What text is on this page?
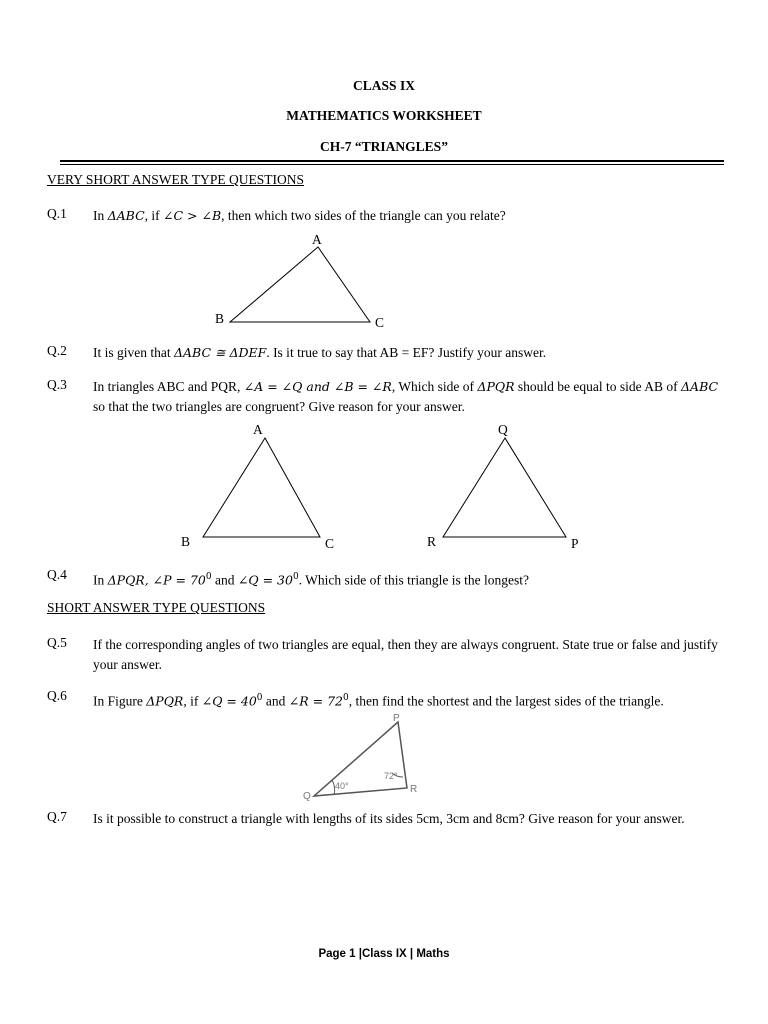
CLASS IX
MATHEMATICS WORKSHEET
CH-7 “TRIANGLES”
VERY SHORT ANSWER TYPE QUESTIONS
Q.1 In ΔABC, if ∠C > ∠B, then which two sides of the triangle can you relate?
A
B	C
A
B	C
Q
R	P
P
Q
R
40°
72°
Q.2 It is given that ΔABC ≅ ΔDEF. Is it true to say that AB = EF? Justify your answer.
Q.3 In triangles ABC and PQR, ∠A = ∠Q and ∠B = ∠R, Which side of ΔPQR should be equal to side AB of ΔABC so that the two triangles are congruent? Give reason for your answer.
Q.4 In ΔPQR, ∠P = $70^0$ and ∠Q = $30^0$. Which side of this triangle is the longest?
SHORT ANSWER TYPE QUESTIONS
Q.5 If the corresponding angles of two triangles are equal, then they are always congruent. State true or false and justify your answer.
Q.6 In Figure ΔPQR, if ∠Q = $40^0$ and ∠R = $72^0$, then find the shortest and the largest sides of the triangle.
Q.7 Is it possible to construct a triangle with lengths of its sides 5cm, 3cm and 8cm? Give reason for your answer.
Page 1 |Class IX | Maths
